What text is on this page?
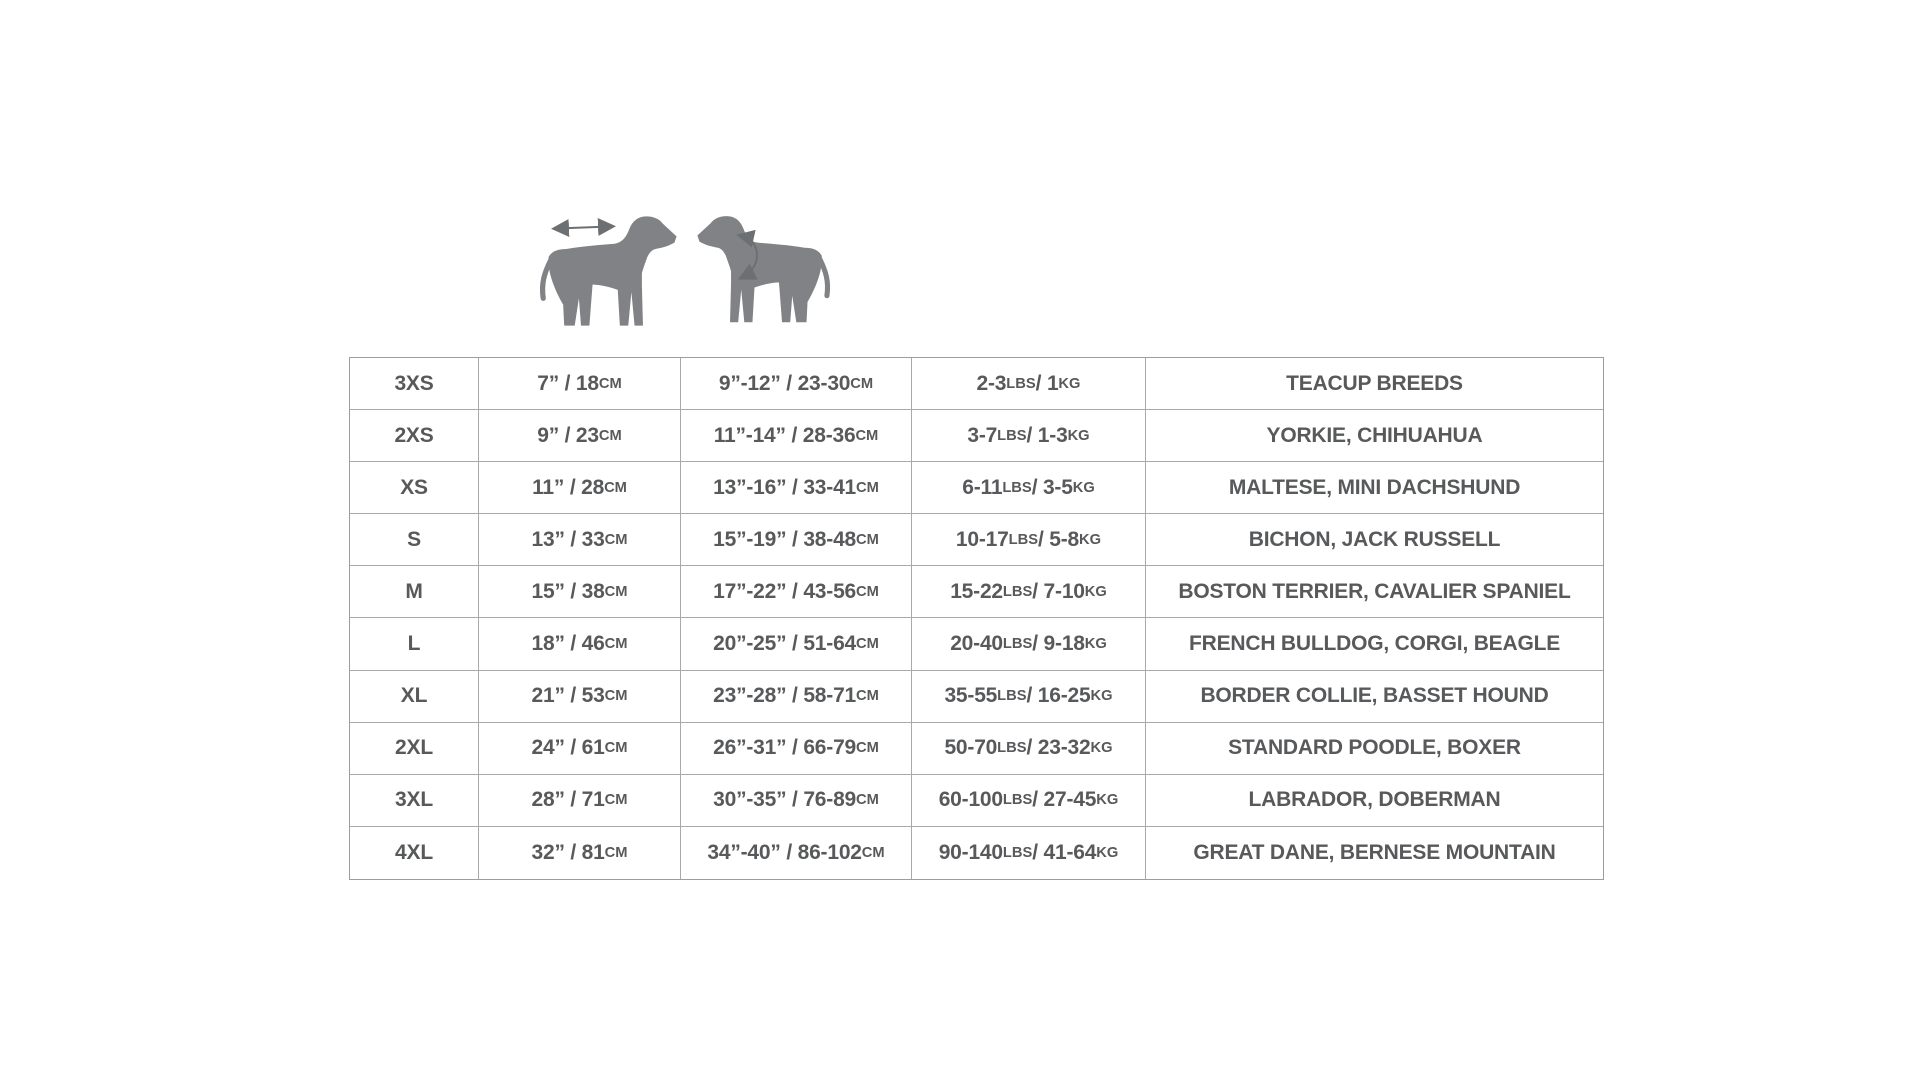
3XS	7” / 18 CM	9”-12” / 23-30 CM	2-3 LBS / 1 KG	TEACUP BREEDS
2XS	9” / 23 CM	11”-14” / 28-36 CM	3-7 LBS / 1-3 KG	YORKIE, CHIHUAHUA
XS	11” / 28 CM	13”-16” / 33-41 CM	6-11 LBS / 3-5 KG	MALTESE, MINI DACHSHUND
S	13” / 33 CM	15”-19” / 38-48 CM	10-17 LBS / 5-8 KG	BICHON, JACK RUSSELL
M	15” / 38 CM	17”-22” / 43-56 CM	15-22 LBS / 7-10 KG	BOSTON TERRIER, CAVALIER SPANIEL
L	18” / 46 CM	20”-25” / 51-64 CM	20-40 LBS / 9-18 KG	FRENCH BULLDOG, CORGI, BEAGLE
XL	21” / 53 CM	23”-28” / 58-71 CM	35-55 LBS / 16-25 KG	BORDER COLLIE, BASSET HOUND
2XL	24” / 61 CM	26”-31” / 66-79 CM	50-70 LBS / 23-32 KG	STANDARD POODLE, BOXER
3XL	28” / 71 CM	30”-35” / 76-89 CM	60-100 LBS / 27-45 KG	LABRADOR, DOBERMAN
4XL	32” / 81 CM	34”-40” / 86-102 CM	90-140 LBS / 41-64 KG	GREAT DANE, BERNESE MOUNTAIN
